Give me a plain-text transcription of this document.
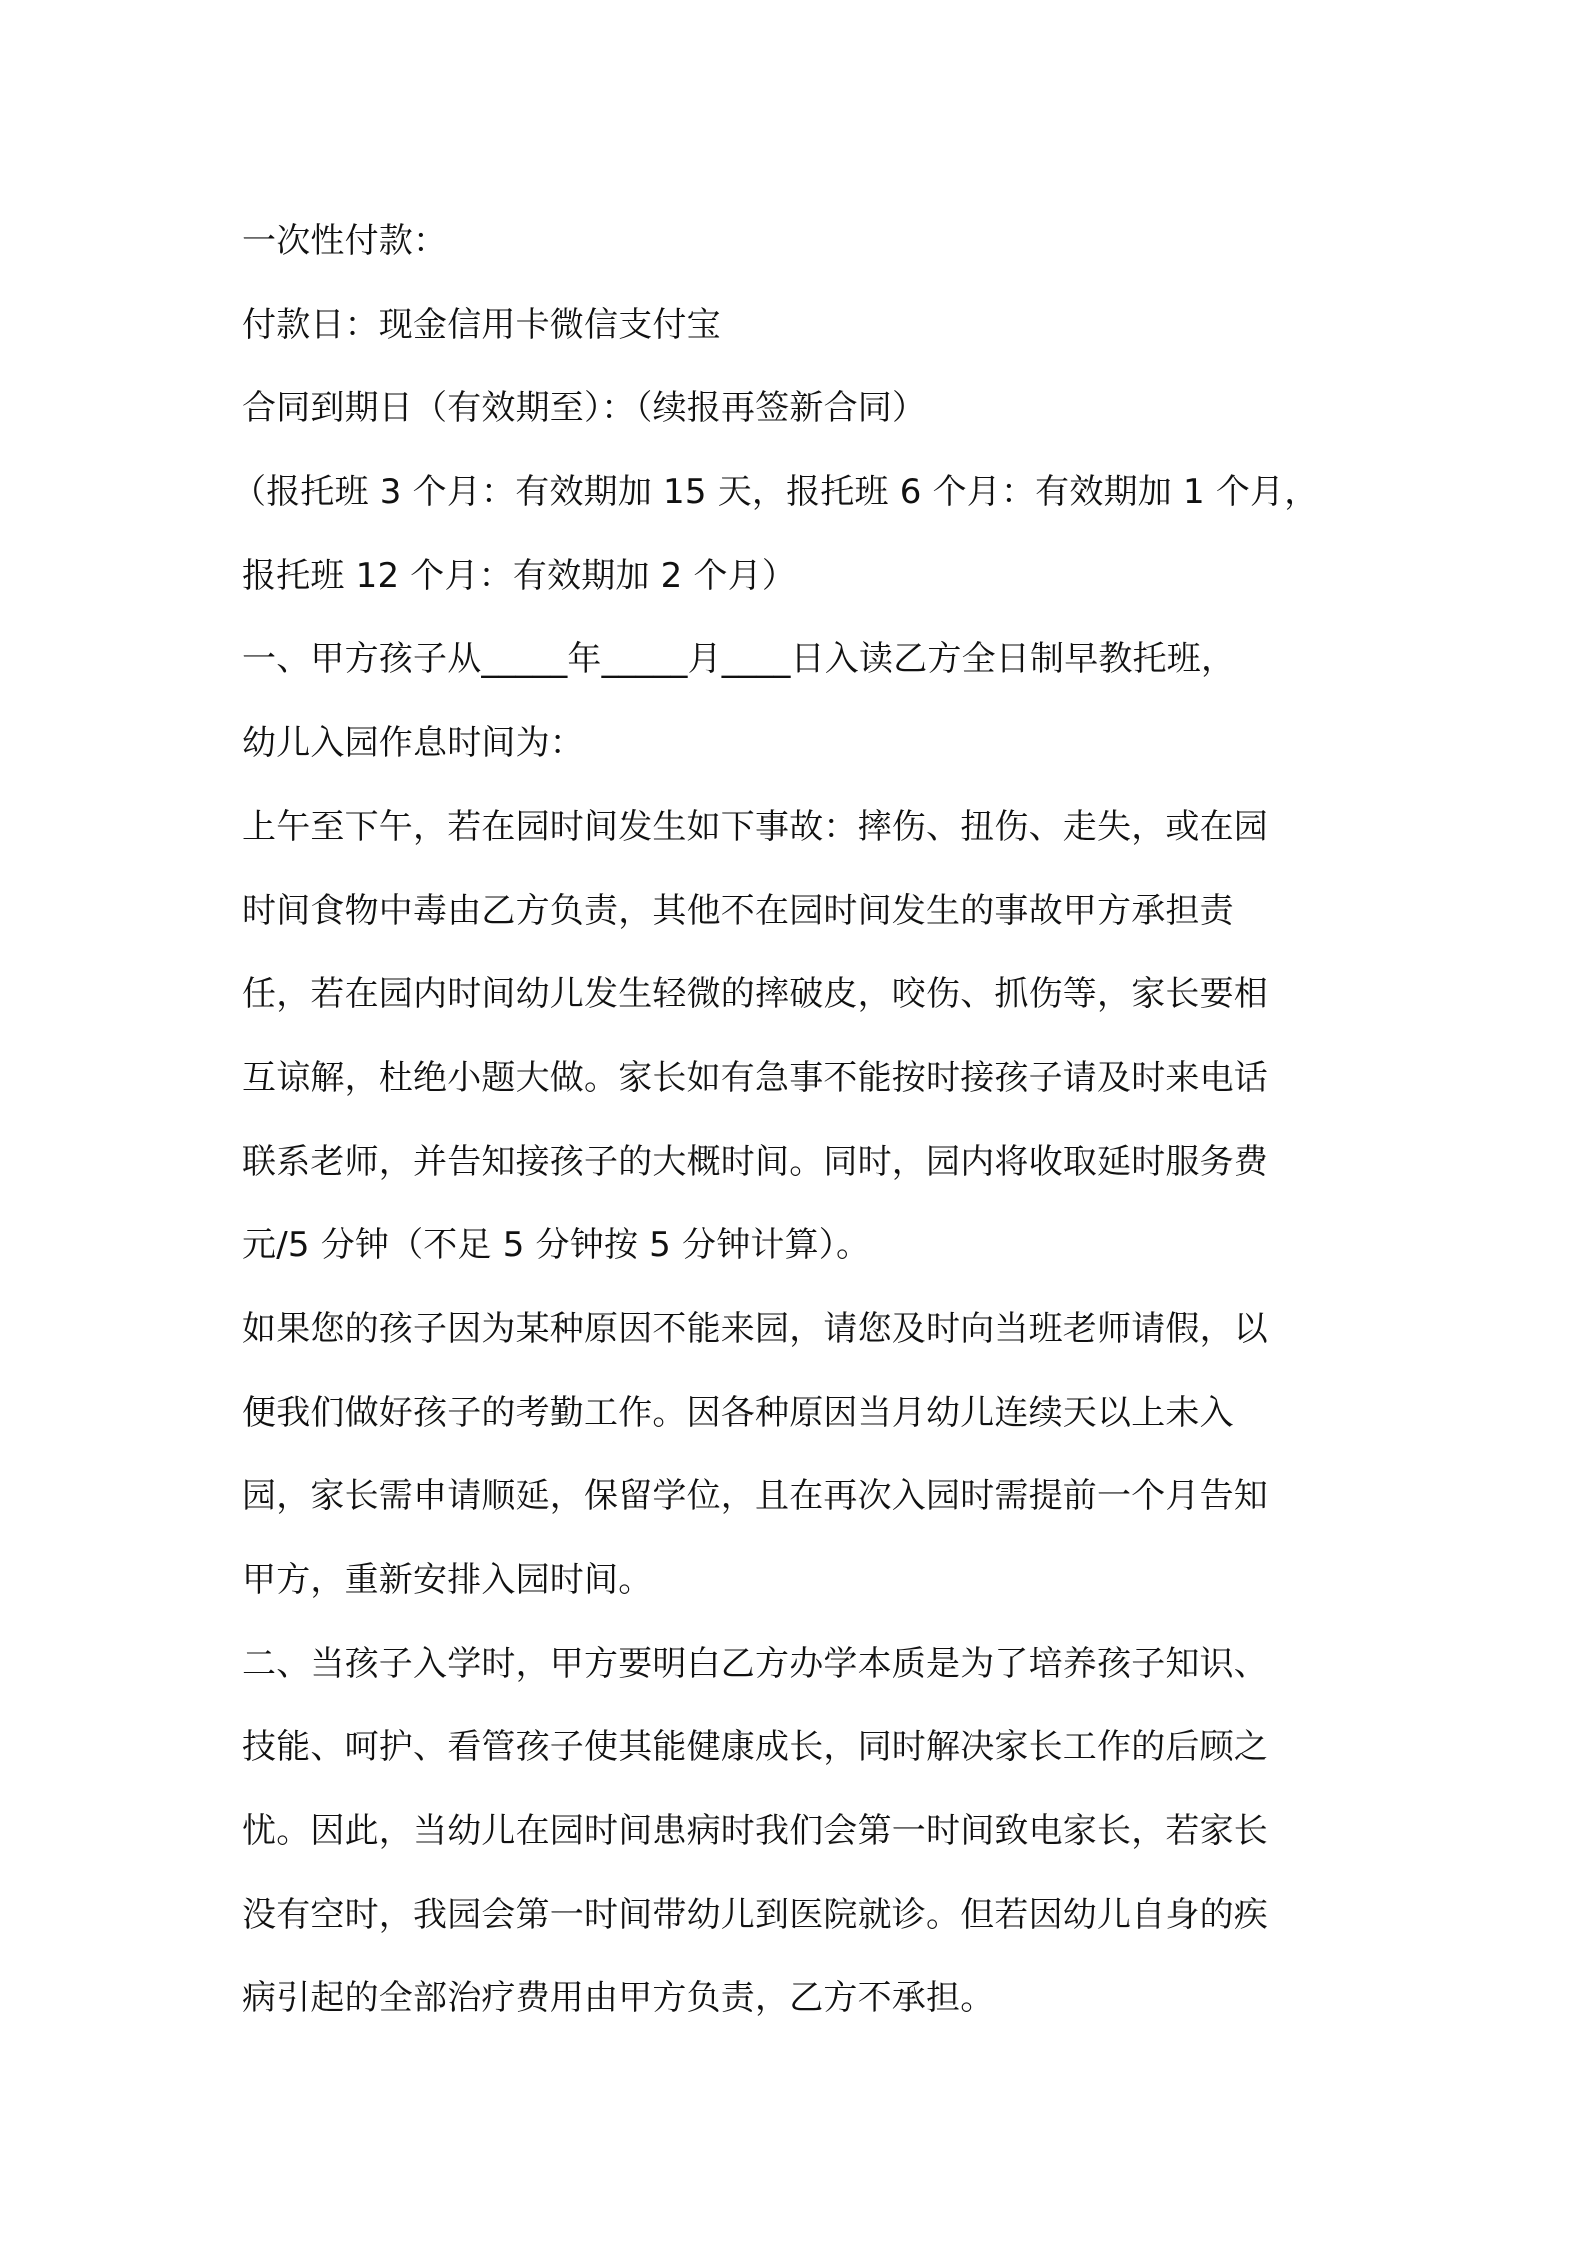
一次性付款：
付款日：现金信用卡微信支付宝
合同到期日（有效期至）：（续报再签新合同）
（报托班 3 个月：有效期加 15 天，报托班 6 个月：有效期加 1 个月，
报托班 12 个月：有效期加 2 个月）
一、甲方孩子从_____年_____月____日入读乙方全日制早教托班，
幼儿入园作息时间为：
上午至下午，若在园时间发生如下事故：摔伤、扭伤、走失，或在园
时间食物中毒由乙方负责，其他不在园时间发生的事故甲方承担责
任，若在园内时间幼儿发生轻微的摔破皮，咬伤、抓伤等，家长要相
互谅解，杜绝小题大做。家长如有急事不能按时接孩子请及时来电话
联系老师，并告知接孩子的大概时间。同时，园内将收取延时服务费
元/5 分钟（不足 5 分钟按 5 分钟计算）。
如果您的孩子因为某种原因不能来园，请您及时向当班老师请假，以
便我们做好孩子的考勤工作。因各种原因当月幼儿连续天以上未入
园，家长需申请顺延，保留学位，且在再次入园时需提前一个月告知
甲方，重新安排入园时间。
二、当孩子入学时，甲方要明白乙方办学本质是为了培养孩子知识、
技能、呵护、看管孩子使其能健康成长，同时解决家长工作的后顾之
忧。因此，当幼儿在园时间患病时我们会第一时间致电家长，若家长
没有空时，我园会第一时间带幼儿到医院就诊。但若因幼儿自身的疾
病引起的全部治疗费用由甲方负责，乙方不承担。
